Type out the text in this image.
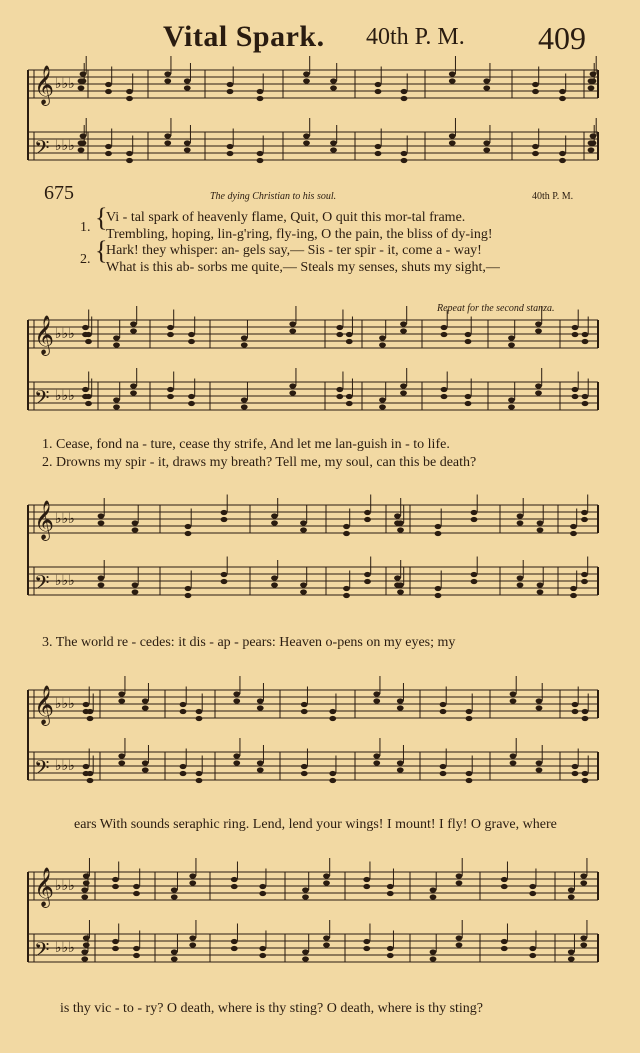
Vital Spark. 40th P. M. 409
𝄞 ♭♭♭
𝄢 ♭♭♭
𝄞 ♭♭♭
𝄢 ♭♭♭
𝄞 ♭♭♭
𝄢 ♭♭♭
𝄞 ♭♭♭
𝄢 ♭♭♭
𝄞 ♭♭♭
𝄢 ♭♭♭
675	The dying Christian to his soul.	40th P. M.
1. {
Vi - tal spark of heavenly flame, Quit, O quit this mor-tal frame.
Trembling, hoping, lin-g'ring, fly-ing, O the pain, the bliss of dy-ing!
2. {
Hark! they whisper: an- gels say,— Sis - ter spir - it, come a - way!
What is this ab- sorbs me quite,— Steals my senses, shuts my sight,—
Repeat for the second stanza.
1. Cease, fond na - ture, cease thy strife, And let me lan-guish in - to life.
2. Drowns my spir - it, draws my breath? Tell me, my soul, can this be death?
3. The world re - cedes: it dis - ap - pears: Heaven o-pens on my eyes; my
ears With sounds seraphic ring. Lend, lend your wings! I mount! I fly! O grave, where
is thy vic - to - ry? O death, where is thy sting? O death, where is thy sting?
